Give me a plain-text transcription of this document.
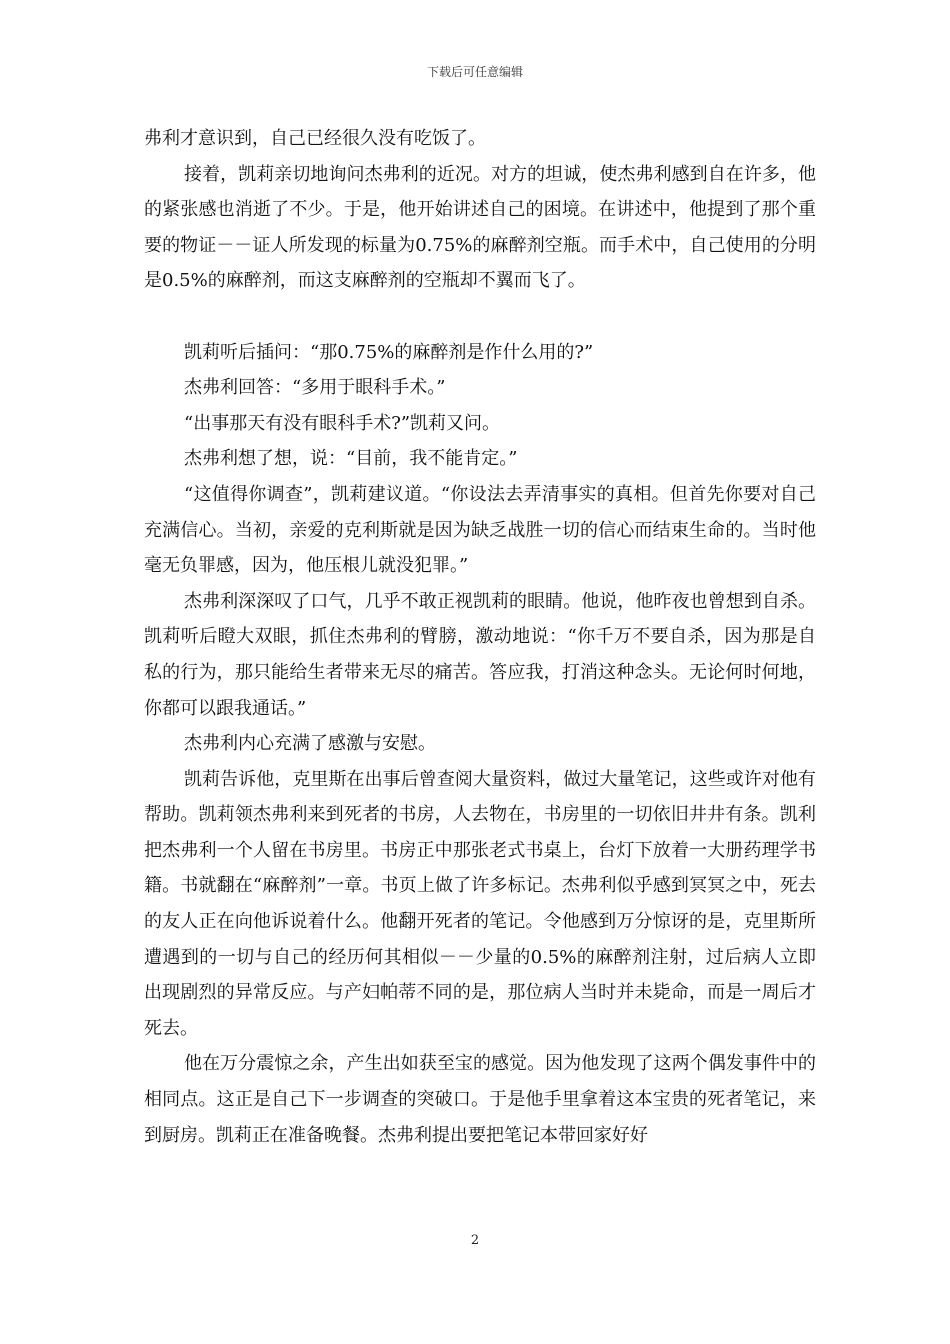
下载后可任意编辑

弗利才意识到，自己已经很久没有吃饭了。

接着，凯莉亲切地询问杰弗利的近况。对方的坦诚，使杰弗利感到自在许多，他的紧张感也消逝了不少。于是，他开始讲述自己的困境。在讲述中，他提到了那个重要的物证－－证人所发现的标量为0.75%的麻醉剂空瓶。而手术中，自己使用的分明是0.5%的麻醉剂，而这支麻醉剂的空瓶却不翼而飞了。

凯莉听后插问：“那0.75%的麻醉剂是作什么用的?”

杰弗利回答：“多用于眼科手术。”

“出事那天有没有眼科手术?”凯莉又问。

杰弗利想了想，说：“目前，我不能肯定。”

“这值得你调查”，凯莉建议道。“你设法去弄清事实的真相。但首先你要对自己充满信心。当初，亲爱的克利斯就是因为缺乏战胜一切的信心而结束生命的。当时他毫无负罪感，因为，他压根儿就没犯罪。”

杰弗利深深叹了口气，几乎不敢正视凯莉的眼睛。他说，他昨夜也曾想到自杀。凯莉听后瞪大双眼，抓住杰弗利的臂膀，激动地说：“你千万不要自杀，因为那是自私的行为，那只能给生者带来无尽的痛苦。答应我，打消这种念头。无论何时何地，你都可以跟我通话。”

杰弗利内心充满了感激与安慰。

凯莉告诉他，克里斯在出事后曾查阅大量资料，做过大量笔记，这些或许对他有帮助。凯莉领杰弗利来到死者的书房，人去物在，书房里的一切依旧井井有条。凯利把杰弗利一个人留在书房里。书房正中那张老式书桌上，台灯下放着一大册药理学书籍。书就翻在“麻醉剂”一章。书页上做了许多标记。杰弗利似乎感到冥冥之中，死去的友人正在向他诉说着什么。他翻开死者的笔记。令他感到万分惊讶的是，克里斯所遭遇到的一切与自己的经历何其相似－－少量的0.5%的麻醉剂注射，过后病人立即出现剧烈的异常反应。与产妇帕蒂不同的是，那位病人当时并未毙命，而是一周后才死去。

他在万分震惊之余，产生出如获至宝的感觉。因为他发现了这两个偶发事件中的相同点。这正是自己下一步调查的突破口。于是他手里拿着这本宝贵的死者笔记，来到厨房。凯莉正在准备晚餐。杰弗利提出要把笔记本带回家好好

2
